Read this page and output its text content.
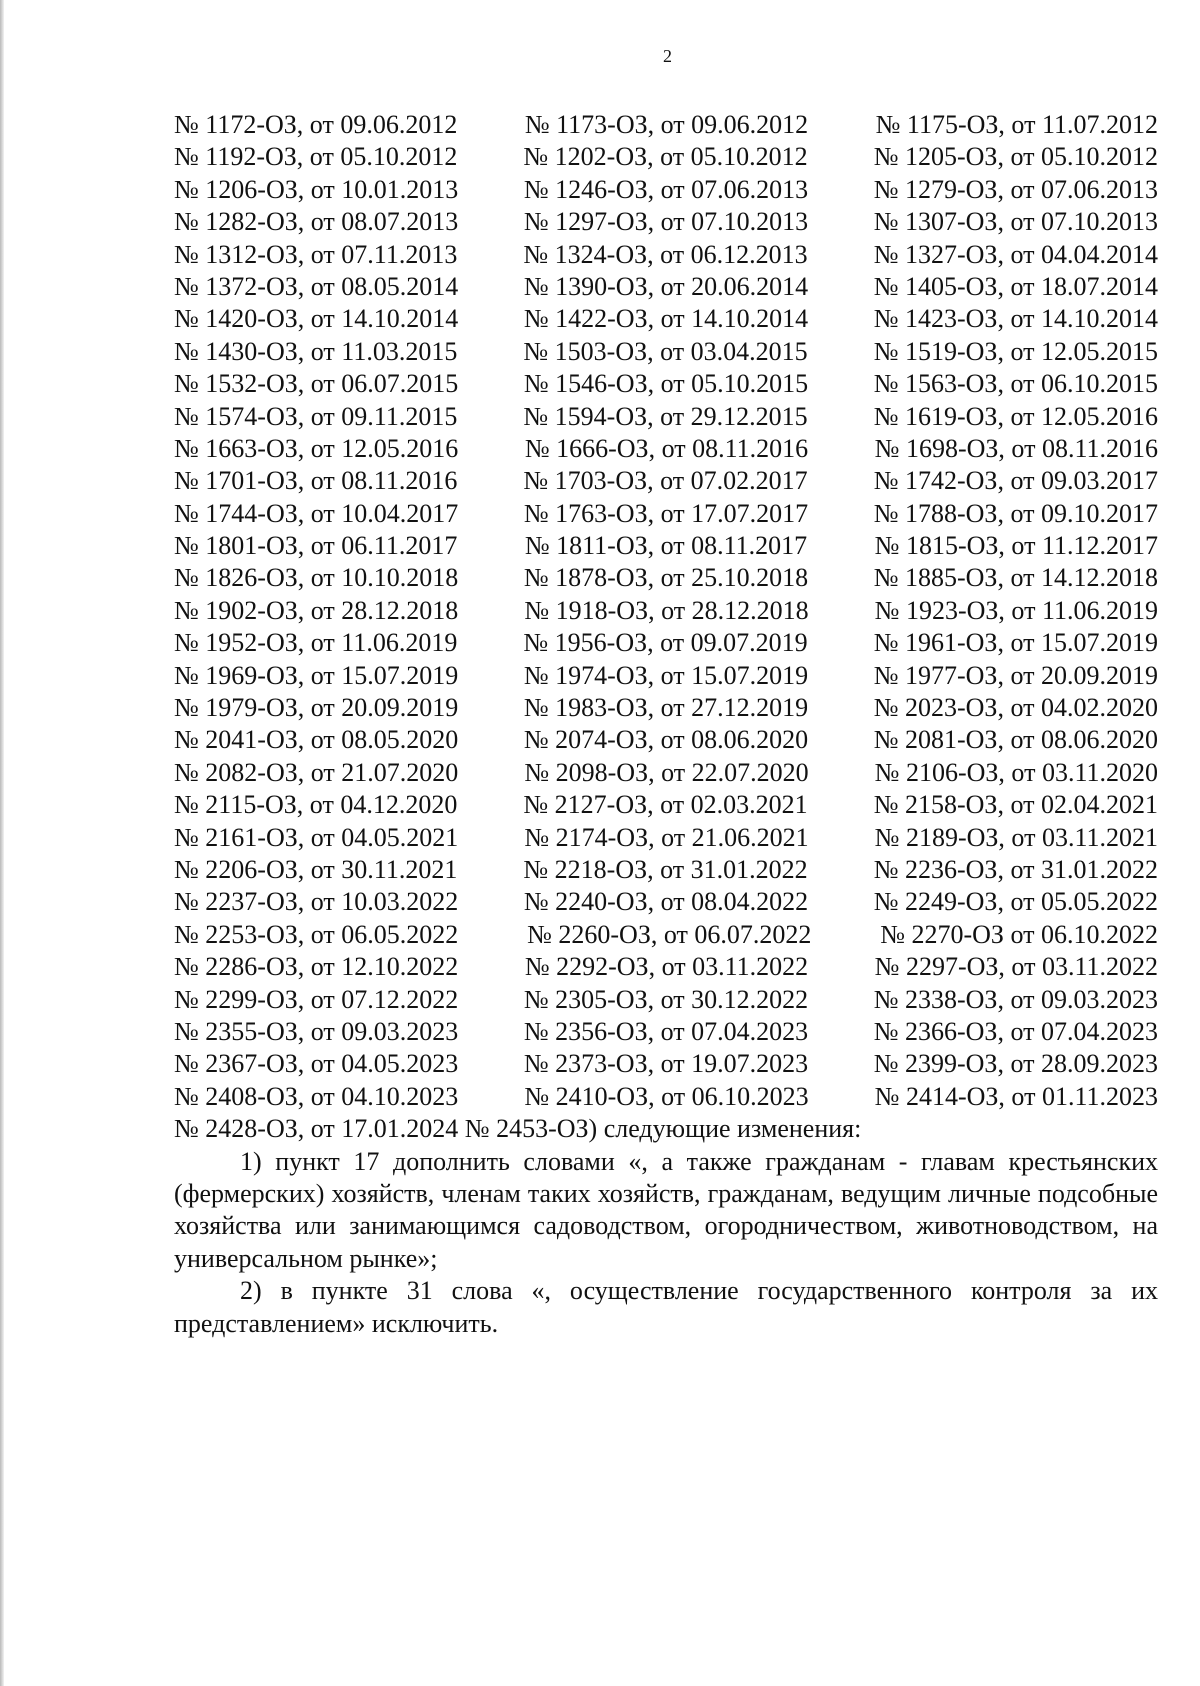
2
№ 1172-ОЗ, от 09.06.2012	№ 1173-ОЗ, от 09.06.2012	№ 1175-ОЗ, от 11.07.2012
№ 1192-ОЗ, от 05.10.2012	№ 1202-ОЗ, от 05.10.2012	№ 1205-ОЗ, от 05.10.2012
№ 1206-ОЗ, от 10.01.2013	№ 1246-ОЗ, от 07.06.2013	№ 1279-ОЗ, от 07.06.2013
№ 1282-ОЗ, от 08.07.2013	№ 1297-ОЗ, от 07.10.2013	№ 1307-ОЗ, от 07.10.2013
№ 1312-ОЗ, от 07.11.2013	№ 1324-ОЗ, от 06.12.2013	№ 1327-ОЗ, от 04.04.2014
№ 1372-ОЗ, от 08.05.2014	№ 1390-ОЗ, от 20.06.2014	№ 1405-ОЗ, от 18.07.2014
№ 1420-ОЗ, от 14.10.2014	№ 1422-ОЗ, от 14.10.2014	№ 1423-ОЗ, от 14.10.2014
№ 1430-ОЗ, от 11.03.2015	№ 1503-ОЗ, от 03.04.2015	№ 1519-ОЗ, от 12.05.2015
№ 1532-ОЗ, от 06.07.2015	№ 1546-ОЗ, от 05.10.2015	№ 1563-ОЗ, от 06.10.2015
№ 1574-ОЗ, от 09.11.2015	№ 1594-ОЗ, от 29.12.2015	№ 1619-ОЗ, от 12.05.2016
№ 1663-ОЗ, от 12.05.2016	№ 1666-ОЗ, от 08.11.2016	№ 1698-ОЗ, от 08.11.2016
№ 1701-ОЗ, от 08.11.2016	№ 1703-ОЗ, от 07.02.2017	№ 1742-ОЗ, от 09.03.2017
№ 1744-ОЗ, от 10.04.2017	№ 1763-ОЗ, от 17.07.2017	№ 1788-ОЗ, от 09.10.2017
№ 1801-ОЗ, от 06.11.2017	№ 1811-ОЗ, от 08.11.2017	№ 1815-ОЗ, от 11.12.2017
№ 1826-ОЗ, от 10.10.2018	№ 1878-ОЗ, от 25.10.2018	№ 1885-ОЗ, от 14.12.2018
№ 1902-ОЗ, от 28.12.2018	№ 1918-ОЗ, от 28.12.2018	№ 1923-ОЗ, от 11.06.2019
№ 1952-ОЗ, от 11.06.2019	№ 1956-ОЗ, от 09.07.2019	№ 1961-ОЗ, от 15.07.2019
№ 1969-ОЗ, от 15.07.2019	№ 1974-ОЗ, от 15.07.2019	№ 1977-ОЗ, от 20.09.2019
№ 1979-ОЗ, от 20.09.2019	№ 1983-ОЗ, от 27.12.2019	№ 2023-ОЗ, от 04.02.2020
№ 2041-ОЗ, от 08.05.2020	№ 2074-ОЗ, от 08.06.2020	№ 2081-ОЗ, от 08.06.2020
№ 2082-ОЗ, от 21.07.2020	№ 2098-ОЗ, от 22.07.2020	№ 2106-ОЗ, от 03.11.2020
№ 2115-ОЗ, от 04.12.2020	№ 2127-ОЗ, от 02.03.2021	№ 2158-ОЗ, от 02.04.2021
№ 2161-ОЗ, от 04.05.2021	№ 2174-ОЗ, от 21.06.2021	№ 2189-ОЗ, от 03.11.2021
№ 2206-ОЗ, от 30.11.2021	№ 2218-ОЗ, от 31.01.2022	№ 2236-ОЗ, от 31.01.2022
№ 2237-ОЗ, от 10.03.2022	№ 2240-ОЗ, от 08.04.2022	№ 2249-ОЗ, от 05.05.2022
№ 2253-ОЗ, от 06.05.2022	№ 2260-ОЗ, от 06.07.2022	№ 2270-ОЗ от 06.10.2022
№ 2286-ОЗ, от 12.10.2022	№ 2292-ОЗ, от 03.11.2022	№ 2297-ОЗ, от 03.11.2022
№ 2299-ОЗ, от 07.12.2022	№ 2305-ОЗ, от 30.12.2022	№ 2338-ОЗ, от 09.03.2023
№ 2355-ОЗ, от 09.03.2023	№ 2356-ОЗ, от 07.04.2023	№ 2366-ОЗ, от 07.04.2023
№ 2367-ОЗ, от 04.05.2023	№ 2373-ОЗ, от 19.07.2023	№ 2399-ОЗ, от 28.09.2023
№ 2408-ОЗ, от 04.10.2023	№ 2410-ОЗ, от 06.10.2023	№ 2414-ОЗ, от 01.11.2023
№ 2428-ОЗ, от 17.01.2024 № 2453-ОЗ) следующие изменения:

1) пункт 17 дополнить словами «, а также гражданам - главам крестьянских (фермерских) хозяйств, членам таких хозяйств, гражданам, ведущим личные подсобные хозяйства или занимающимся садоводством, огородничеством, животноводством, на универсальном рынке»;

2) в пункте 31 слова «, осуществление государственного контроля за их представлением» исключить.
